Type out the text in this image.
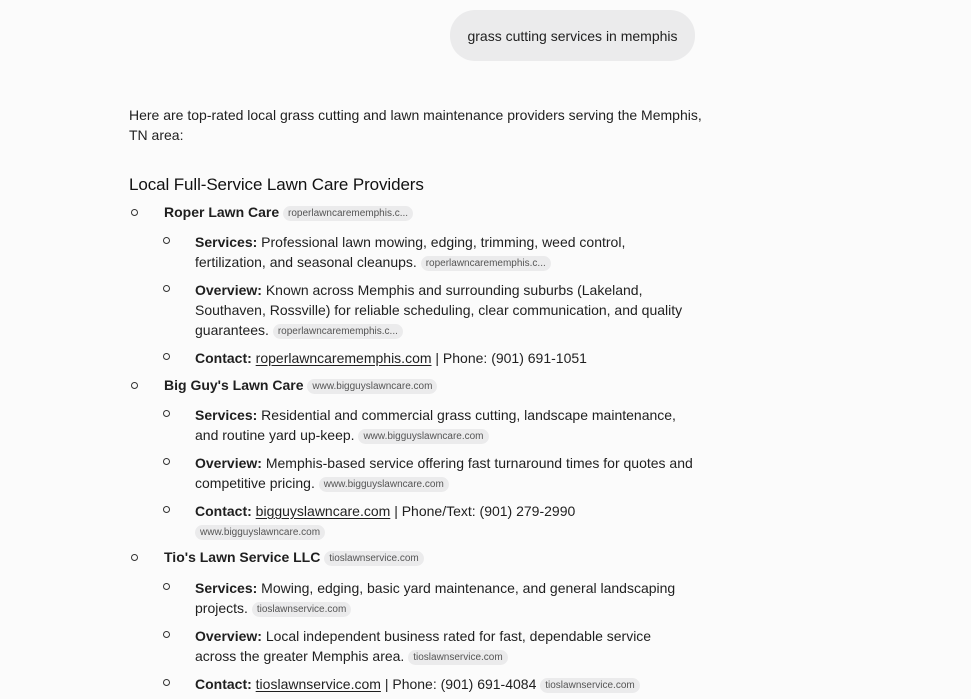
grass cutting services in memphis

Here are top-rated local grass cutting and lawn maintenance providers serving the Memphis, TN area:

Local Full-Service Lawn Care Providers
Roper Lawn Care roperlawncarememphis.c...
Services: Professional lawn mowing, edging, trimming, weed control, fertilization, and seasonal cleanups. roperlawncarememphis.c...
Overview: Known across Memphis and surrounding suburbs (Lakeland, Southaven, Rossville) for reliable scheduling, clear communication, and quality guarantees. roperlawncarememphis.c...
Contact: roperlawncarememphis.com | Phone: (901) 691-1051
Big Guy's Lawn Care www.bigguyslawncare.com
Services: Residential and commercial grass cutting, landscape maintenance, and routine yard up-keep. www.bigguyslawncare.com
Overview: Memphis-based service offering fast turnaround times for quotes and competitive pricing. www.bigguyslawncare.com
Contact: bigguyslawncare.com | Phone/Text: (901) 279-2990
www.bigguyslawncare.com
Tio's Lawn Service LLC tioslawnservice.com
Services: Mowing, edging, basic yard maintenance, and general landscaping projects. tioslawnservice.com
Overview: Local independent business rated for fast, dependable service across the greater Memphis area. tioslawnservice.com
Contact: tioslawnservice.com | Phone: (901) 691-4084 tioslawnservice.com
